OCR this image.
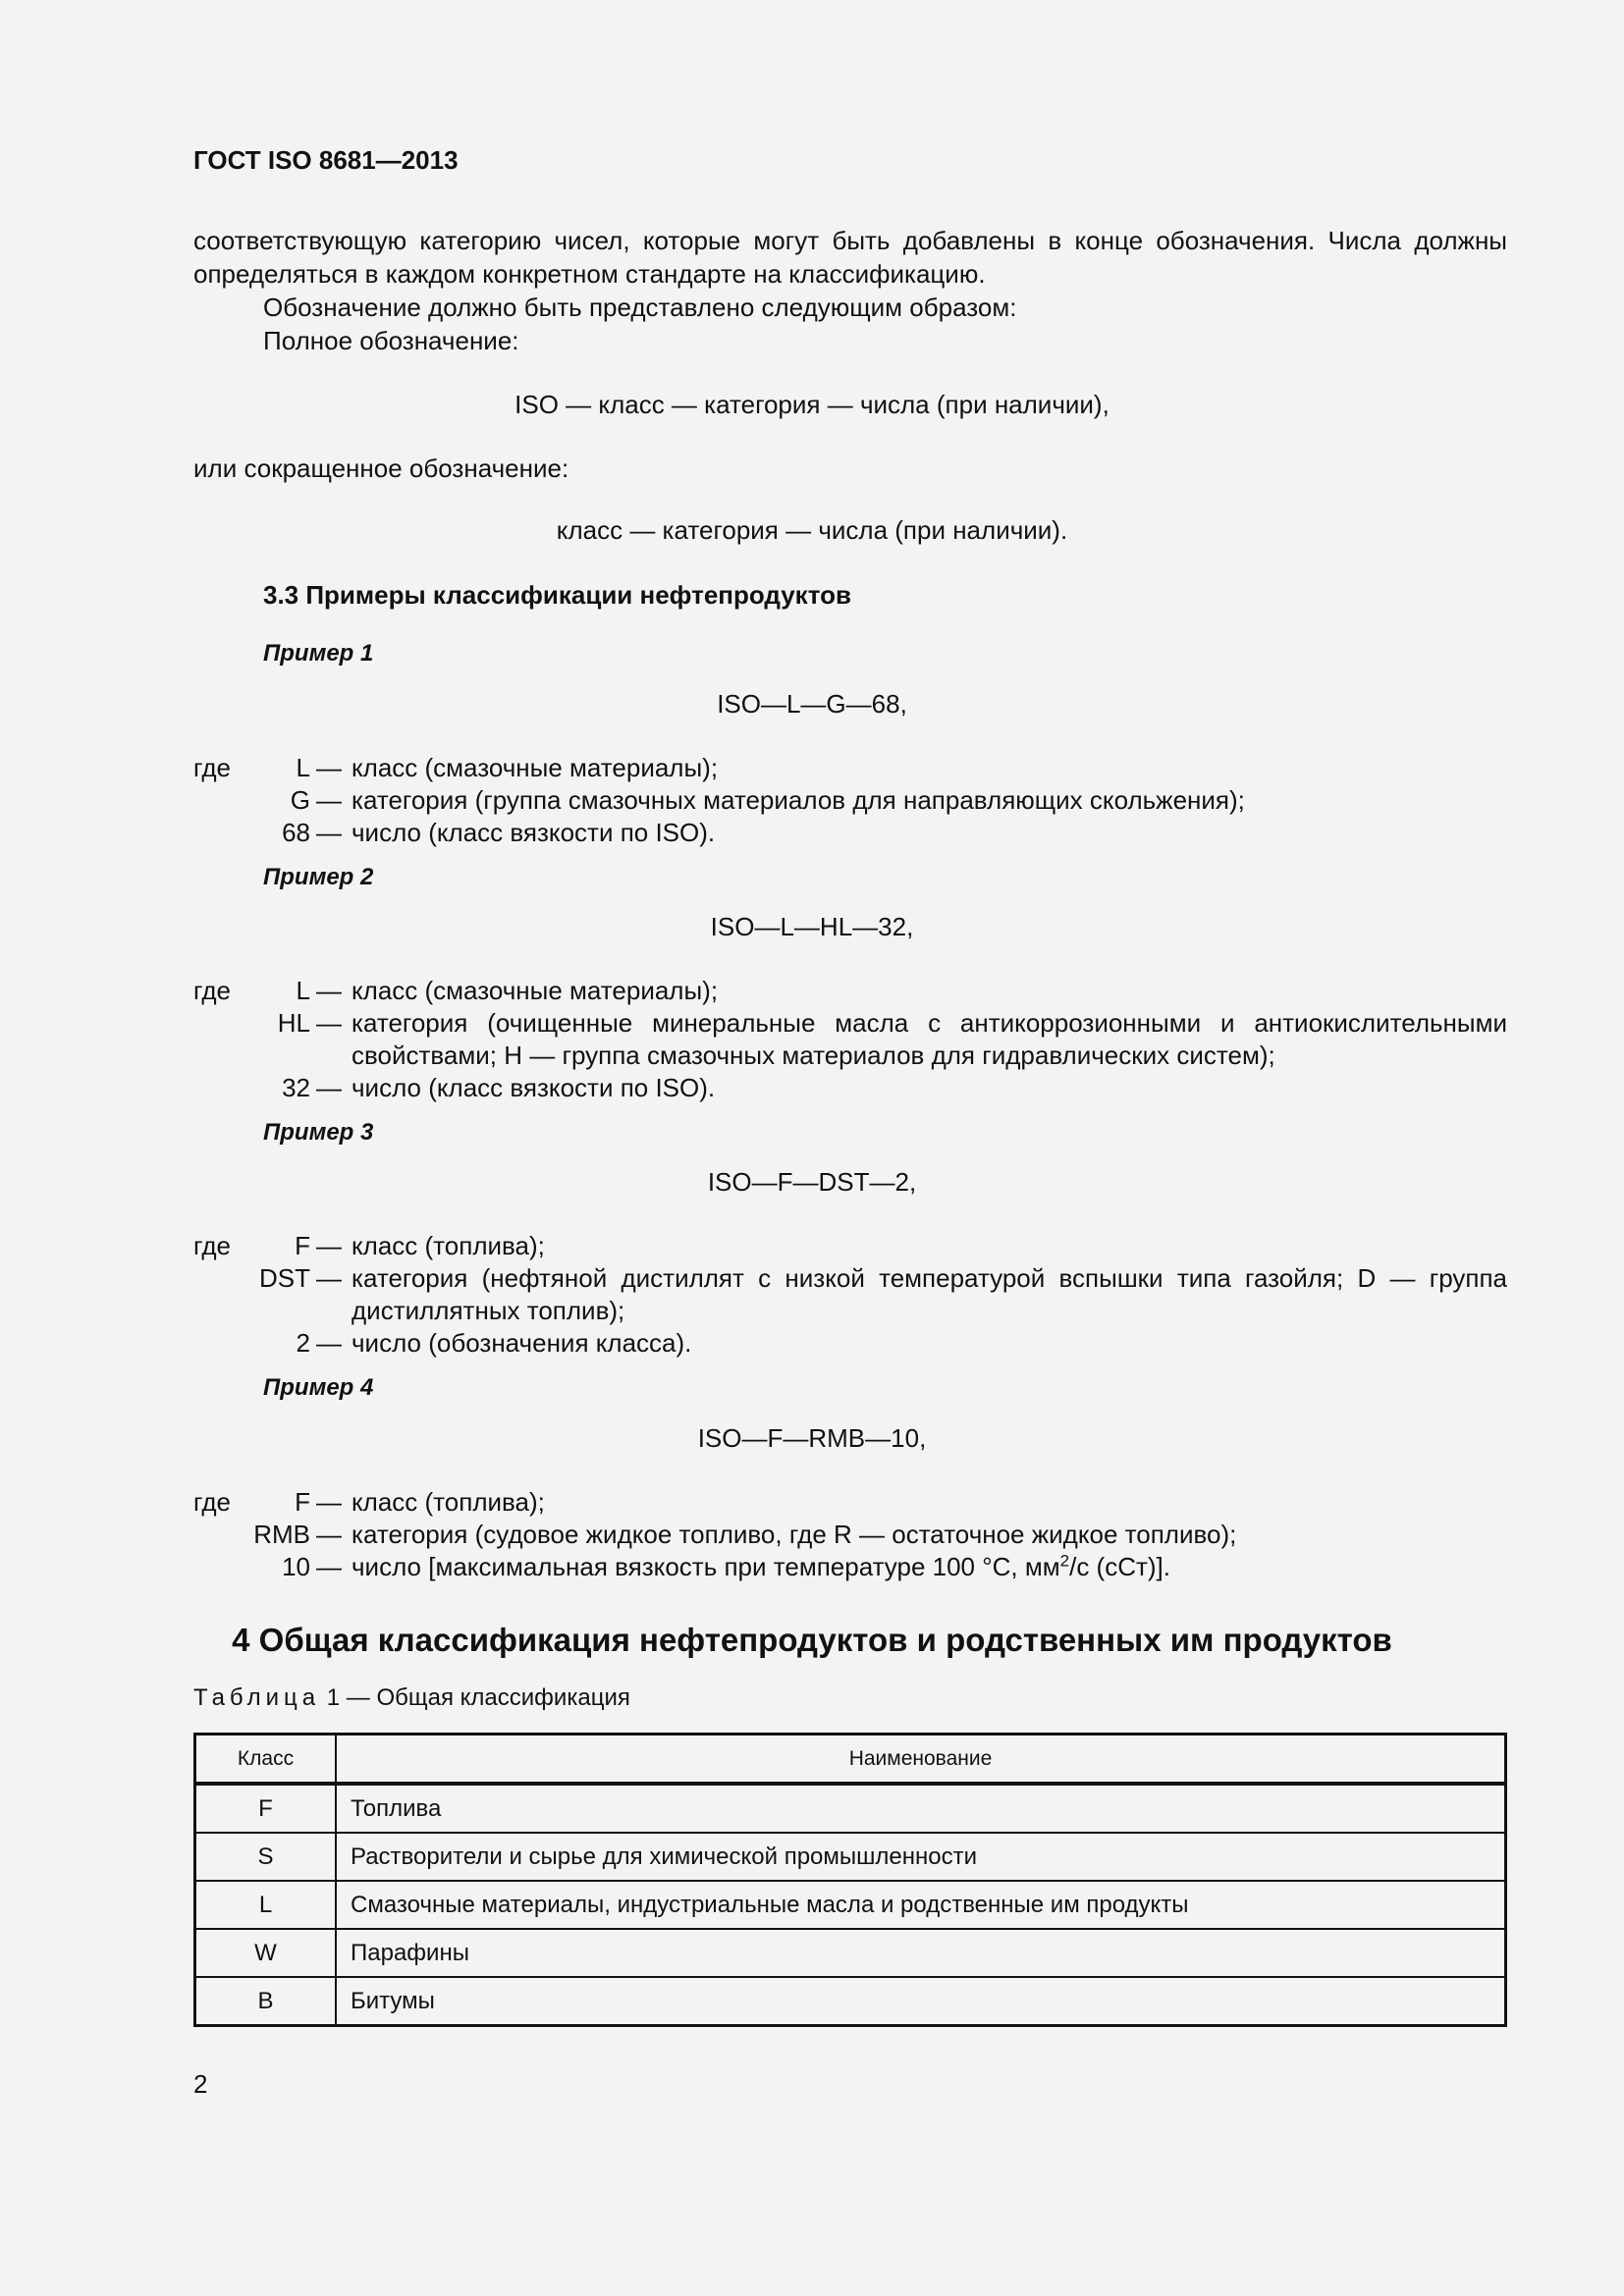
ГОСТ ISO 8681—2013
соответствующую категорию чисел, которые могут быть добавлены в конце обозначения. Числа должны определяться в каждом конкретном стандарте на классификацию.
Обозначение должно быть представлено следующим образом:
Полное обозначение:
ISO — класс — категория — числа (при наличии),
или сокращенное обозначение:
класс — категория — числа (при наличии).
3.3 Примеры классификации нефтепродуктов
Пример 1
ISO—L—G—68,
где	L — класс (смазочные материалы);
G — категория (группа смазочных материалов для направляющих скольжения);
68 — число (класс вязкости по ISO).
Пример 2
ISO—L—HL—32,
где	L — класс (смазочные материалы);
HL — категория (очищенные минеральные масла с антикоррозионными и антиокислительными свойствами; H — группа смазочных материалов для гидравлических систем);
32 — число (класс вязкости по ISO).
Пример 3
ISO—F—DST—2,
где	F — класс (топлива);
DST — категория (нефтяной дистиллят с низкой температурой вспышки типа газойля; D — группа дистиллятных топлив);
2 — число (обозначения класса).
Пример 4
ISO—F—RMB—10,
где	F — класс (топлива);
RMB — категория (судовое жидкое топливо, где R — остаточное жидкое топливо);
10 — число [максимальная вязкость при температуре 100 °С, $мм^2/с$ (сСт)].
4 Общая классификация нефтепродуктов и родственных им продуктов
Таблица 1 — Общая классификация
Класс	Наименование
F	Топлива
S	Растворители и сырье для химической промышленности
L	Смазочные материалы, индустриальные масла и родственные им продукты
W	Парафины
B	Битумы
2
